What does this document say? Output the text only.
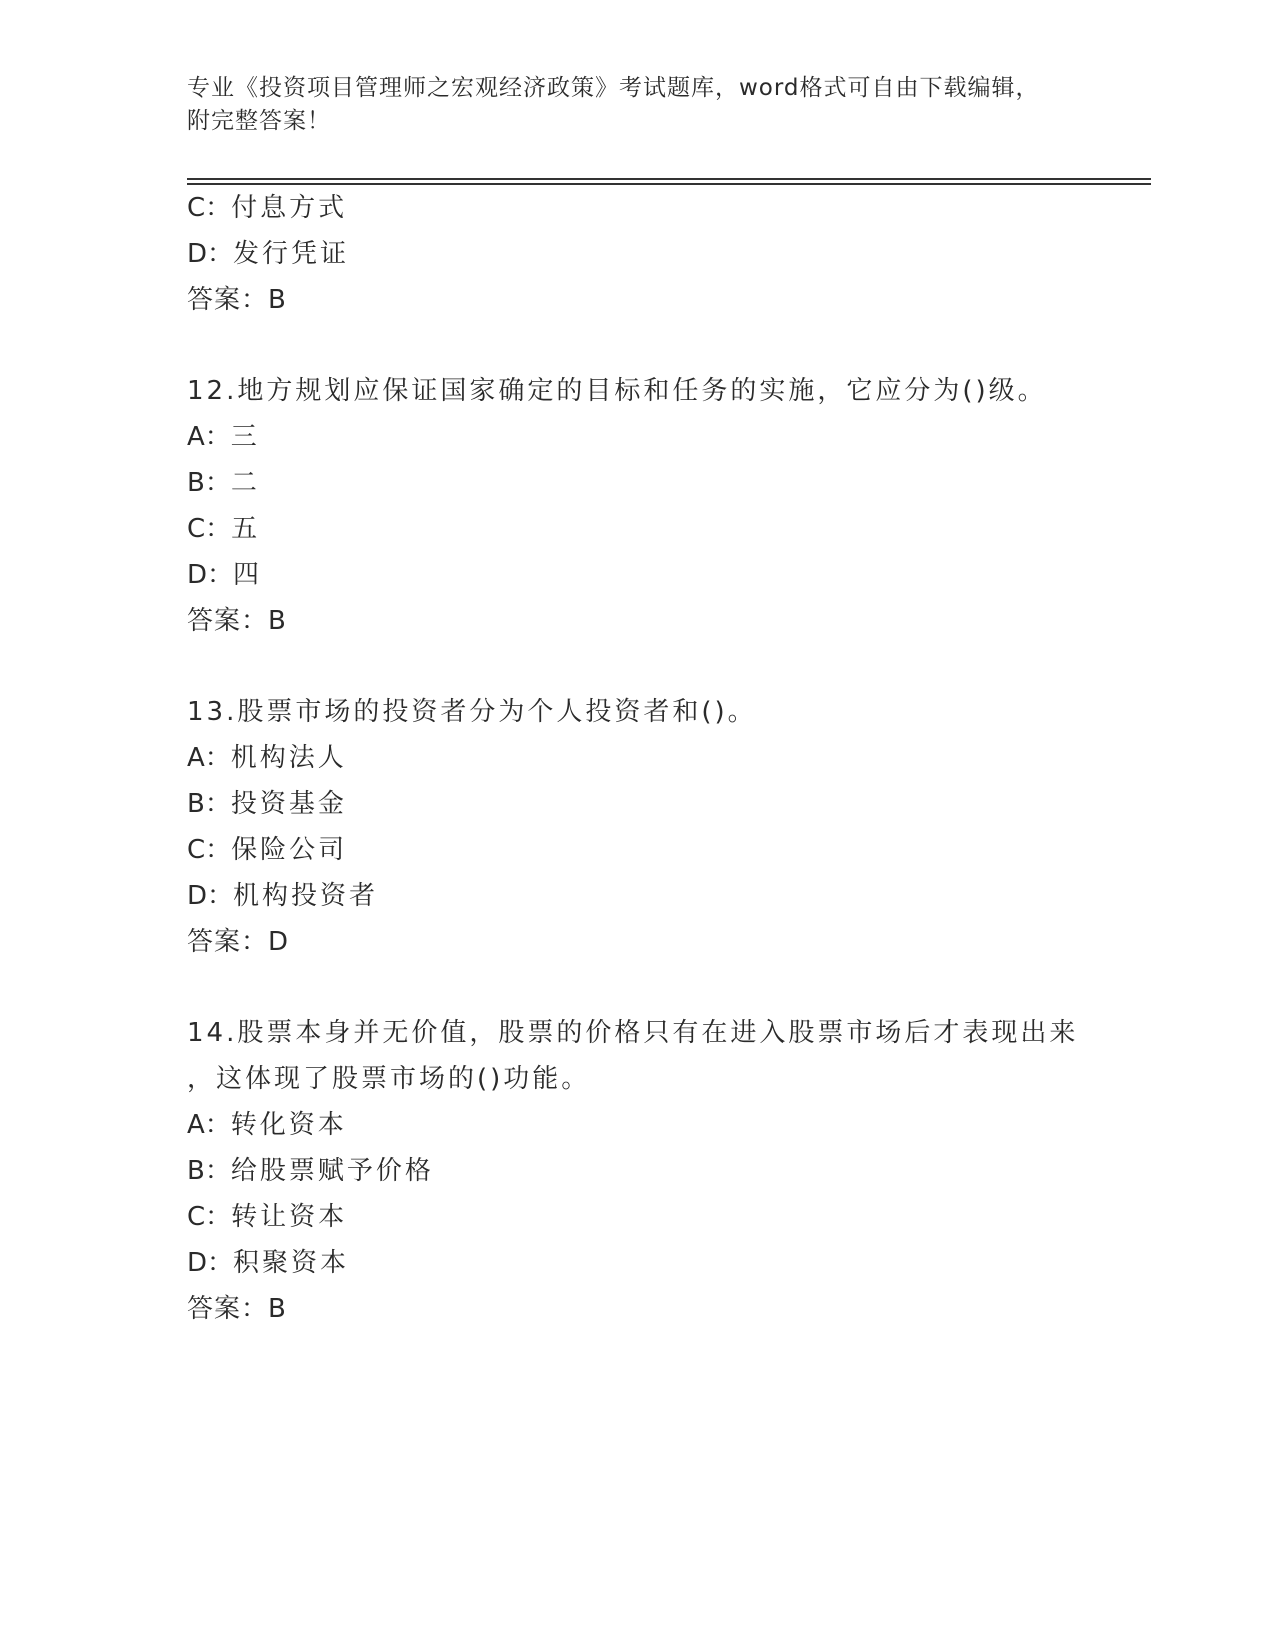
专业《投资项目管理师之宏观经济政策》考试题库，word格式可自由下载编辑，
附完整答案！
C：付息方式
D：发行凭证
答案：B
12.地方规划应保证国家确定的目标和任务的实施，它应分为()级。
A：三
B：二
C：五
D：四
答案：B
13.股票市场的投资者分为个人投资者和()。
A：机构法人
B：投资基金
C：保险公司
D：机构投资者
答案：D
14.股票本身并无价值，股票的价格只有在进入股票市场后才表现出来
，这体现了股票市场的()功能。
A：转化资本
B：给股票赋予价格
C：转让资本
D：积聚资本
答案：B
